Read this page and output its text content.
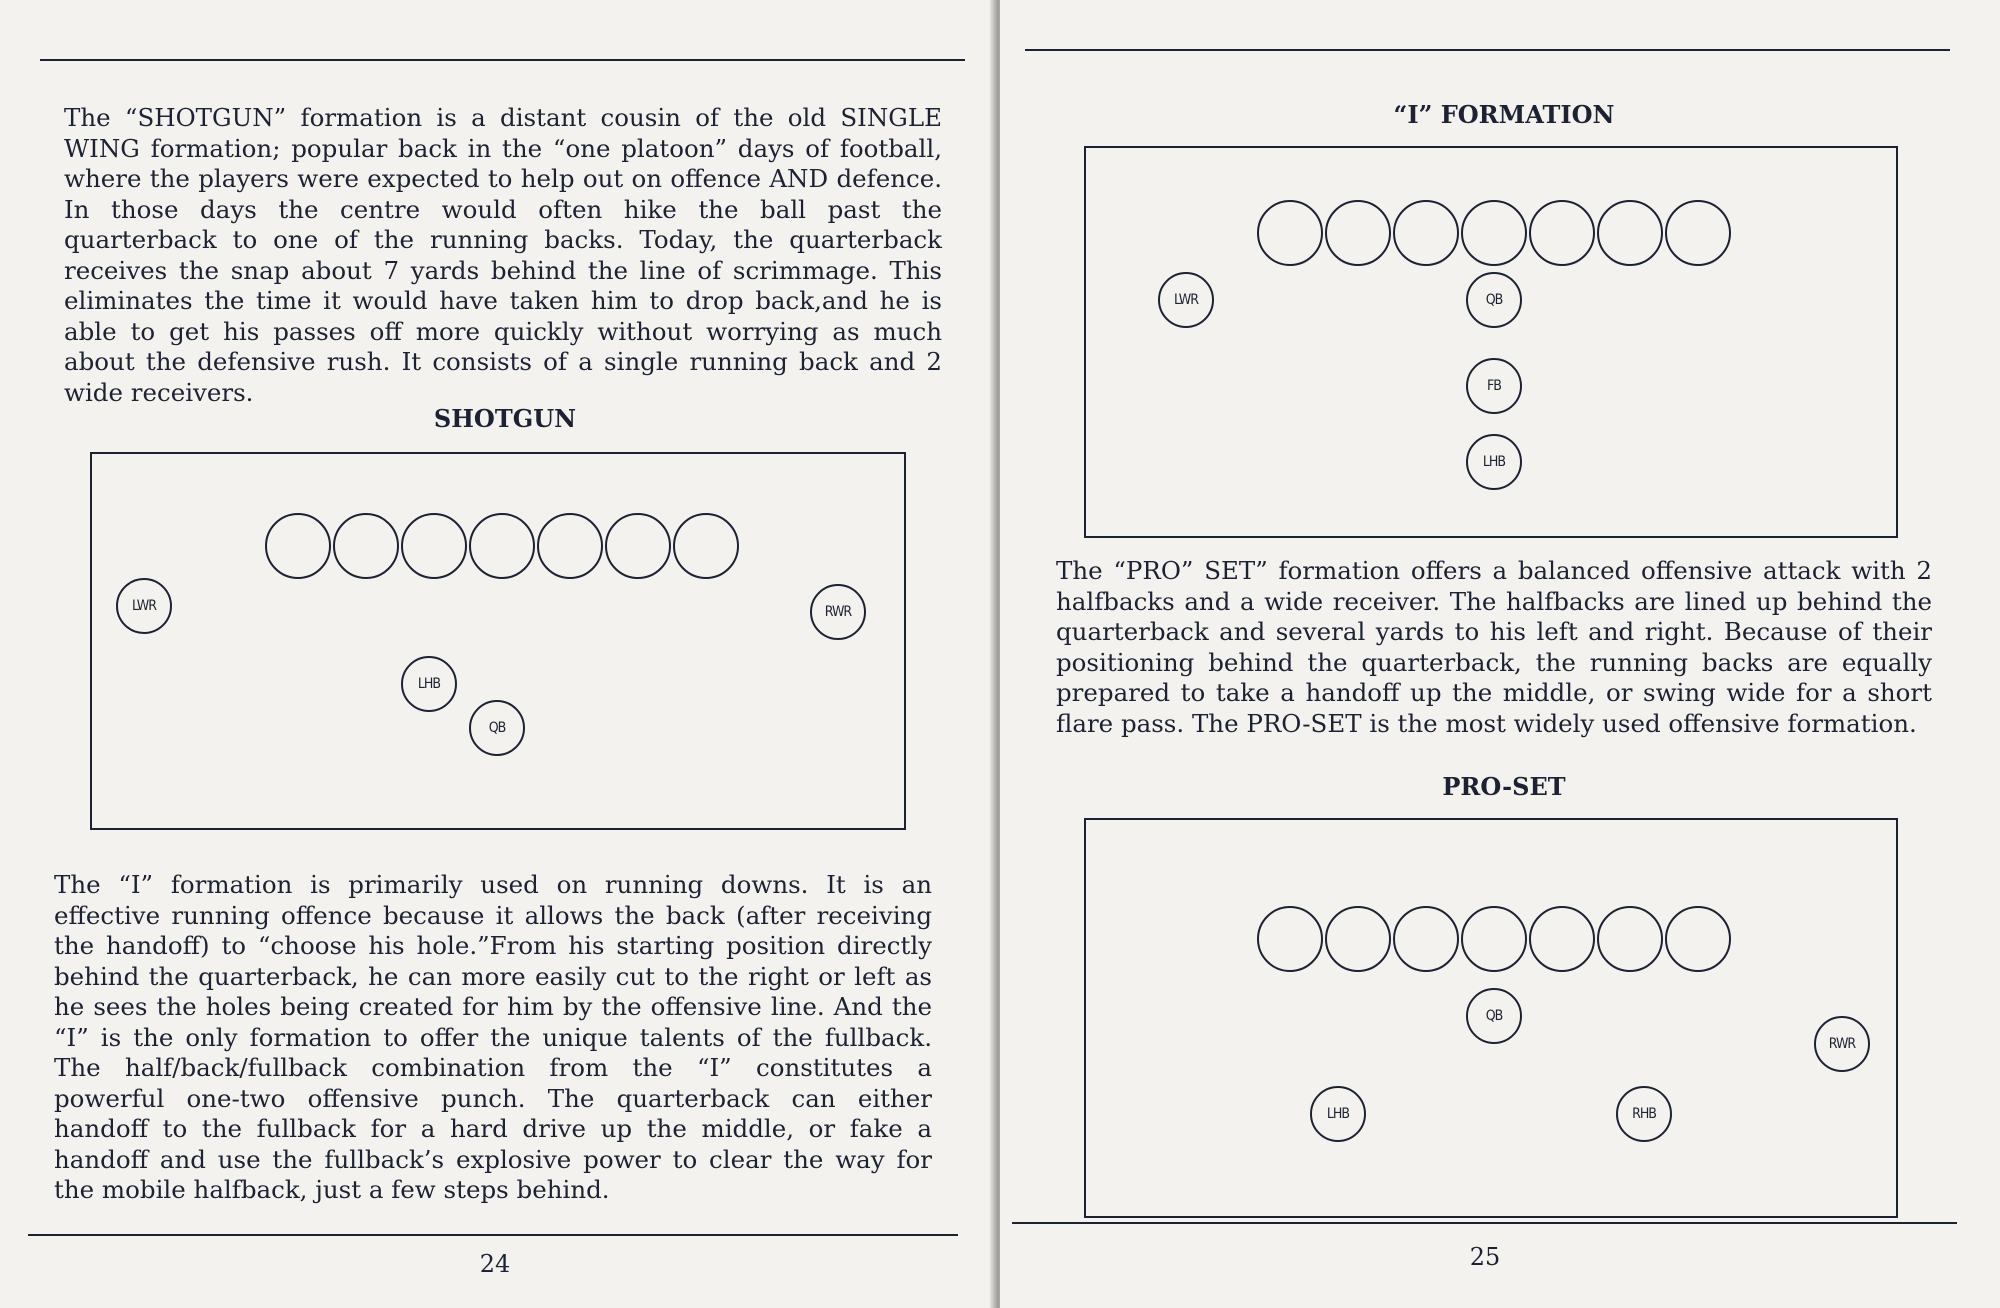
The “SHOTGUN” formation is a distant cousin of the old SINGLE WING formation; popular back in the “one platoon” days of football, where the players were expected to help out on offence AND defence. In those days the centre would often hike the ball past the quarterback to one of the running backs. Today, the quarterback receives the snap about 7 yards behind the line of scrimmage. This eliminates the time it would have taken him to drop back,and he is able to get his passes off more quickly without worrying as much about the defensive rush. It consists of a single running back and 2 wide receivers.

SHOTGUN
LWR	RWR
LHB
QB

The “I” formation is primarily used on running downs. It is an effective running offence because it allows the back (after receiving the handoff) to “choose his hole.”From his starting position directly behind the quarterback, he can more easily cut to the right or left as he sees the holes being created for him by the offensive line. And the “I” is the only formation to offer the unique talents of the fullback. The half/back/fullback combination from the “I” constitutes a powerful one-two offensive punch. The quarterback can either handoff to the fullback for a hard drive up the middle, or fake a handoff and use the fullback’s explosive power to clear the way for the mobile halfback, just a few steps behind.

24
“I” FORMATION
LWR	QB
FB
LHB

The “PRO” SET” formation offers a balanced offensive attack with 2 halfbacks and a wide receiver. The halfbacks are lined up behind the quarterback and several yards to his left and right. Because of their positioning behind the quarterback, the running backs are equally prepared to take a handoff up the middle, or swing wide for a short flare pass. The PRO-SET is the most widely used offensive formation.

PRO-SET
QB
RWR
LHB	RHB
25
